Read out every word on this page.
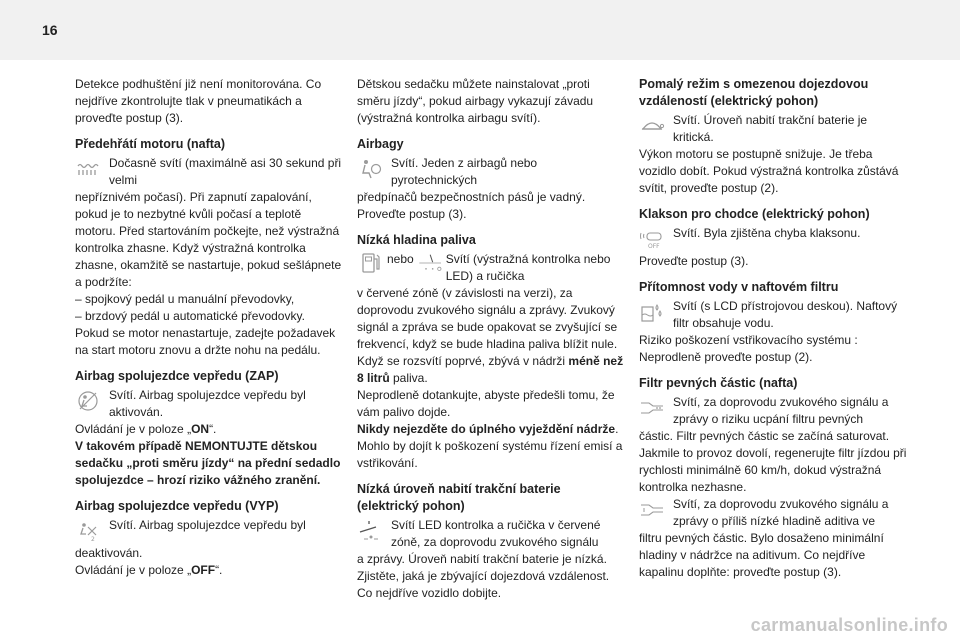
16

Detekce podhuštění již není monitorována. Co nejdříve zkontrolujte tlak v pneumatikách a proveďte postup (3).

Předehřátí motoru (nafta)
Dočasně svítí (maximálně asi 30 sekund při velmi

nepříznivém počasí). Při zapnutí zapalování, pokud je to nezbytné kvůli počasí a teplotě motoru. Před startováním počkejte, než výstražná kontrolka zhasne. Když výstražná kontrolka zhasne, okamžitě se nastartuje, pokud sešlápnete a podržíte:

– spojkový pedál u manuální převodovky,

– brzdový pedál u automatické převodovky.

Pokud se motor nenastartuje, zadejte požadavek na start motoru znovu a držte nohu na pedálu.

Airbag spolujezdce vepředu (ZAP)
Svítí. Airbag spolujezdce vepředu byl aktivován.

Ovládání je v poloze „ON“.

V takovém případě NEMONTUJTE dětskou sedačku „proti směru jízdy“ na přední sedadlo spolujezdce – hrozí riziko vážného zranění.

Airbag spolujezdce vepředu (VYP)
2
Svítí. Airbag spolujezdce vepředu byl

deaktivován.

Ovládání je v poloze „OFF“.

Dětskou sedačku můžete nainstalovat „proti směru jízdy“, pokud airbagy vykazují závadu (výstražná kontrolka airbagu svítí).

Airbagy
Svítí. Jeden z airbagů nebo pyrotechnických

předpínačů bezpečnostních pásů je vadný. Proveďte postup (3).

Nízká hladina paliva
nebo	Svítí (výstražná kontrolka nebo LED) a ručička

v červené zóně (v závislosti na verzi), za doprovodu zvukového signálu a zprávy. Zvukový signál a zpráva se bude opakovat se zvyšující se frekvencí, když se bude hladina paliva blížit nule.

Když se rozsvítí poprvé, zbývá v nádrži méně než 8 litrů paliva.

Neprodleně dotankujte, abyste předešli tomu, že vám palivo dojde.

Nikdy nejezděte do úplného vyježdění nádrže. Mohlo by dojít k poškození systému řízení emisí a vstřikování.

Nízká úroveň nabití trakční baterie (elektrický pohon)
Svítí LED kontrolka a ručička v červené zóně, za doprovodu zvukového signálu

a zprávy. Úroveň nabití trakční baterie je nízká. Zjistěte, jaká je zbývající dojezdová vzdálenost. Co nejdříve vozidlo dobijte.

Pomalý režim s omezenou dojezdovou vzdáleností (elektrický pohon)
Svítí. Úroveň nabití trakční baterie je kritická.

Výkon motoru se postupně snižuje. Je třeba vozidlo dobít. Pokud výstražná kontrolka zůstává svítit, proveďte postup (2).

Klakson pro chodce (elektrický pohon)
OFF
Svítí. Byla zjištěna chyba klaksonu.

Proveďte postup (3).

Přítomnost vody v naftovém filtru
Svítí (s LCD přístrojovou deskou). Naftový filtr obsahuje vodu.

Riziko poškození vstřikovacího systému : Neprodleně proveďte postup (2).

Filtr pevných částic (nafta)
Svítí, za doprovodu zvukového signálu a zprávy o riziku ucpání filtru pevných

částic. Filtr pevných částic se začíná saturovat. Jakmile to provoz dovolí, regenerujte filtr jízdou při rychlosti minimálně 60 km/h, dokud výstražná kontrolka nezhasne.

Svítí, za doprovodu zvukového signálu a zprávy o příliš nízké hladině aditiva ve

filtru pevných částic. Bylo dosaženo minimální hladiny v nádržce na aditivum. Co nejdříve kapalinu doplňte: proveďte postup (3).

carmanualsonline.info
